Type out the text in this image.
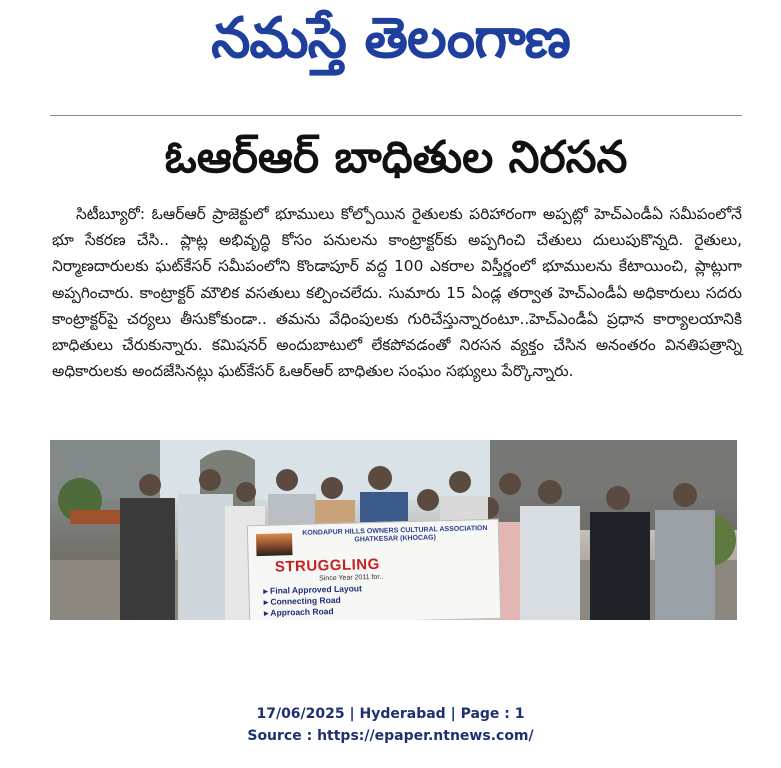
నమస్తే తెలంగాణ
ఓఆర్ఆర్ బాధితుల నిరసన

సిటీబ్యూరో: ఓఆర్ఆర్ ప్రాజెక్టులో భూములు కోల్పోయిన రైతులకు పరిహారంగా అప్పట్లో హెచ్ఎండీఏ సమీపంలోనే భూ సేకరణ చేసి.. ప్లాట్ల అభివృద్ధి కోసం పనులను కాంట్రాక్టర్‌కు అప్పగించి చేతులు దులుపుకొన్నది. రైతులు, నిర్మాణదారులకు ఘట్‌కేసర్ సమీపంలోని కొండాపూర్ వద్ద 100 ఎకరాల విస్తీర్ణంలో భూములను కేటాయించి, ప్లాట్లుగా అప్పగించారు. కాంట్రాక్టర్ మౌలిక వసతులు కల్పించలేదు. సుమారు 15 ఏండ్ల తర్వాత హెచ్ఎండీఏ అధికారులు సదరు కాంట్రాక్టర్‌పై చర్యలు తీసుకోకుండా.. తమను వేధింపులకు గురిచేస్తున్నారంటూ..హెచ్ఎండీఏ ప్రధాన కార్యాలయానికి బాధితులు చేరుకున్నారు. కమిషనర్ అందుబాటులో లేకపోవడంతో నిరసన వ్యక్తం చేసిన అనంతరం వినతిపత్రాన్ని అధికారులకు అందజేసినట్లు ఘట్‌కేసర్ ఓఆర్ఆర్ బాధితుల సంఘం సభ్యులు పేర్కొన్నారు.

KONDAPUR HILLS OWNERS CULTURAL ASSOCIATION GHATKESAR (KHOCAG)
STRUGGLING
Since Year 2011 for..
▸ Final Approved Layout
▸ Connecting Road
▸ Approach Road
17/06/2025 | Hyderabad | Page : 1
Source : https://epaper.ntnews.com/
